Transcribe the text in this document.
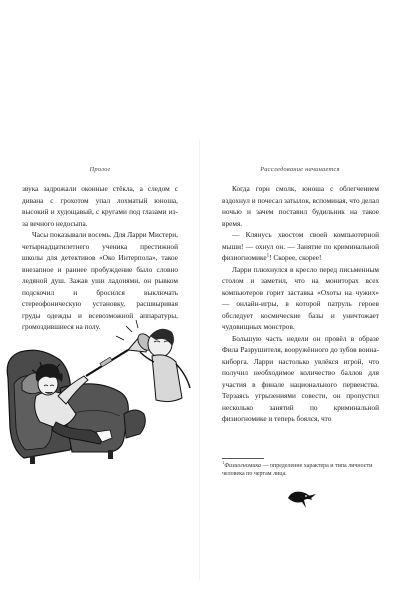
Пролог

звука задрожали оконные стёкла, а следом с дивана с грохотом упал лохматый юноша, высокий и худощавый, с кругами под глазами из-за вечного недосыпа.

Часы показывали восемь. Для Ларри Мистери, четырнадцатилетнего ученика престижной школы для детективов «Око Интерпола», такое внезапное и раннее пробуждение было словно ледяной душ. Зажав уши ладонями, он рывком подскочил и бросился выключать стереофоническую установку, расшвыривая груды одежды и всевозможной аппаратуры, громоздившиеся на полу.

Расследование начинается

Когда горн смолк, юноша с облегчением вздохнул и почесал затылок, вспоминая, что делал ночью и зачем поставил будильник на такое время.

— Клянусь хвостом своей компьютерной мыши! — охнул он. — Занятие по криминальной физиогномике$^1$! Скорее, скорее!

Ларри плюхнулся в кресло перед письменным столом и заметил, что на мониторах всех компьютеров горит заставка «Охоты на чужих» — онлайн-игры, в которой патруль героев обследует космические базы и уничтожает чудовищных монстров.

Большую часть недели он провёл в образе Фила Разрушителя, вооружённого до зубов воина-киборга. Ларри настолько увлёкся игрой, что получил необходимое количество баллов для участия в финале национального первенства. Терзаясь угрызениями совести, он пропустил несколько занятий по криминальной физиогномике и теперь боялся, что

$^1$Физиогномика — определение характера и типа личности человека по чертам лица.
